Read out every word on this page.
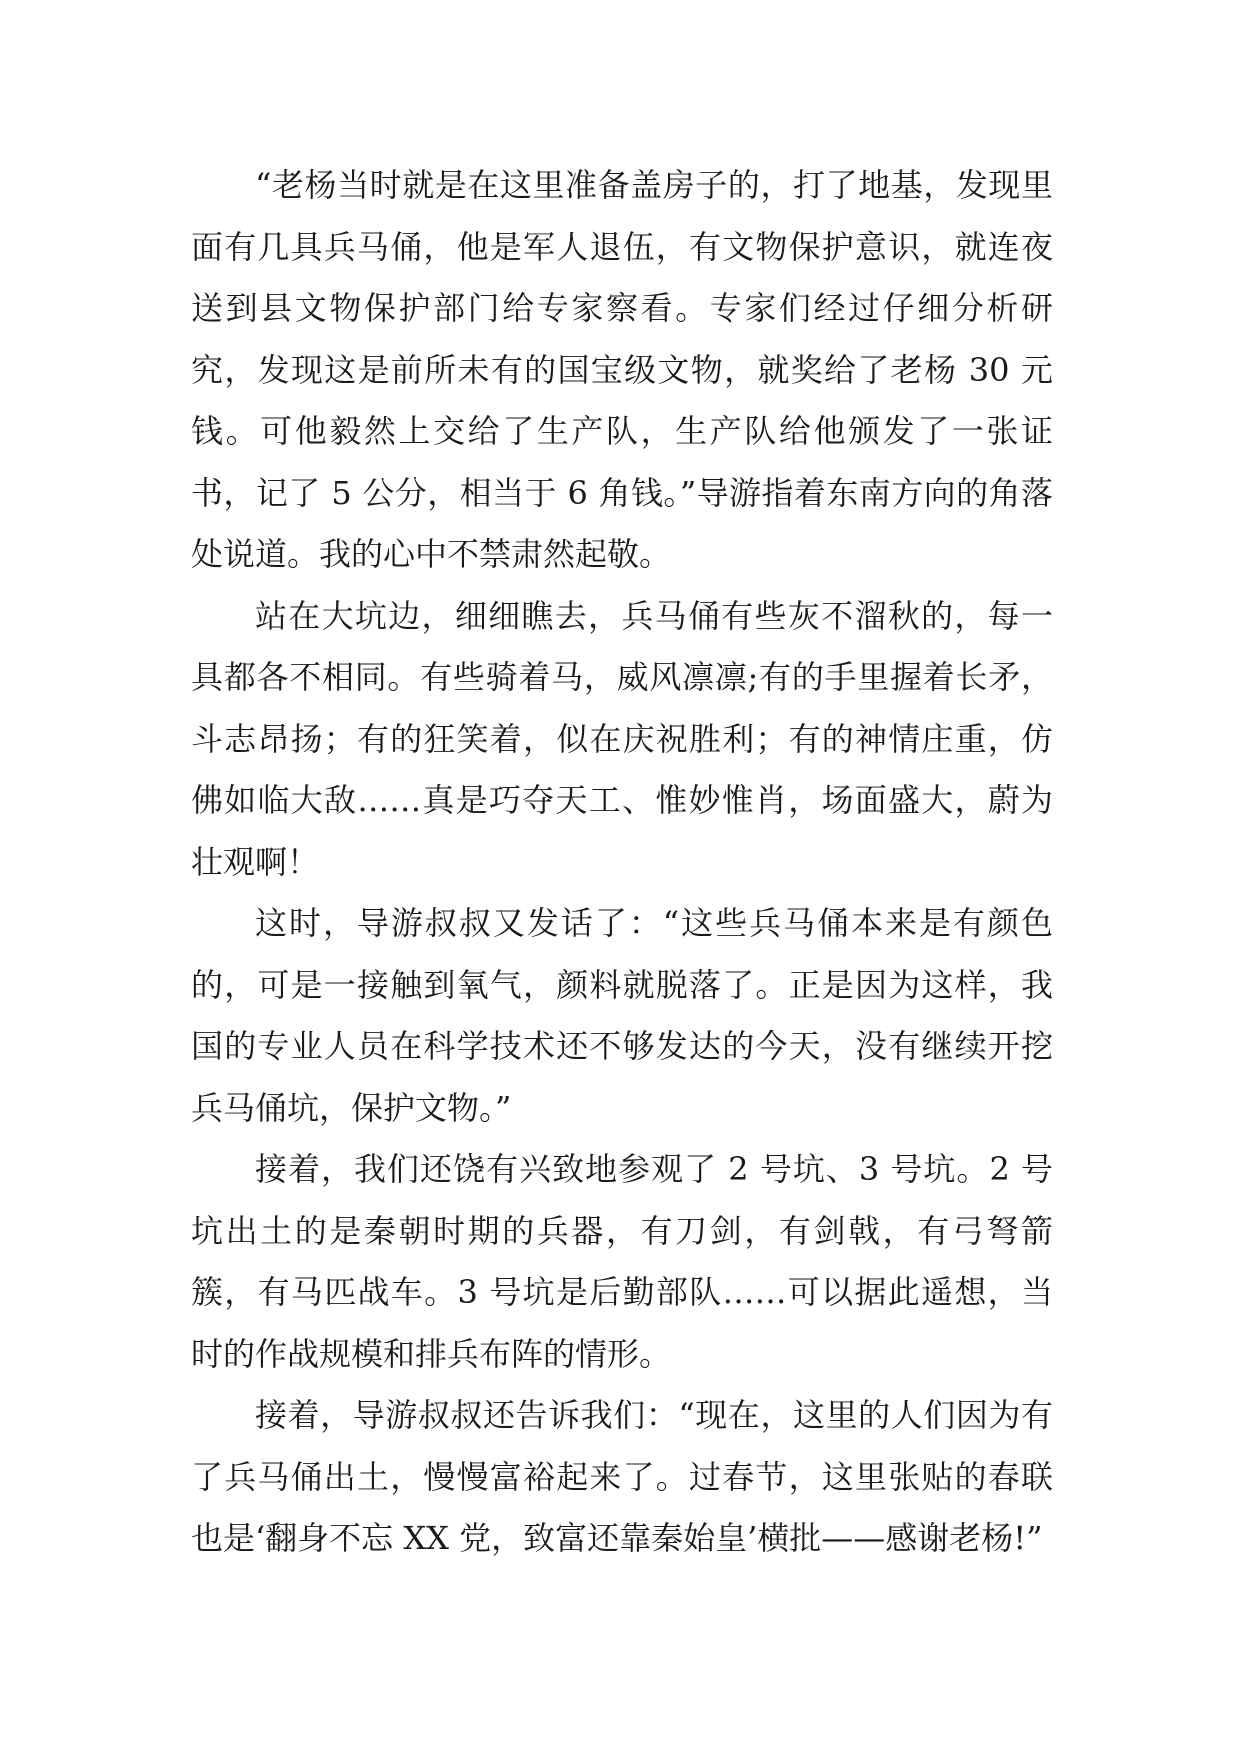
“老杨当时就是在这里准备盖房子的，打了地基，发现里面有几具兵马俑，他是军人退伍，有文物保护意识，就连夜送到县文物保护部门给专家察看。专家们经过仔细分析研究，发现这是前所未有的国宝级文物，就奖给了老杨 30 元钱。可他毅然上交给了生产队，生产队给他颁发了一张证书，记了 5 公分，相当于 6 角钱。”导游指着东南方向的角落处说道。我的心中不禁肃然起敬。

站在大坑边，细细瞧去，兵马俑有些灰不溜秋的，每一具都各不相同。有些骑着马，威风凛凛;有的手里握着长矛，斗志昂扬；有的狂笑着，似在庆祝胜利；有的神情庄重，仿佛如临大敌……真是巧夺天工、惟妙惟肖，场面盛大，蔚为壮观啊！

这时，导游叔叔又发话了：“这些兵马俑本来是有颜色的，可是一接触到氧气，颜料就脱落了。正是因为这样，我国的专业人员在科学技术还不够发达的今天，没有继续开挖兵马俑坑，保护文物。”

接着，我们还饶有兴致地参观了 2 号坑、3 号坑。2 号坑出土的是秦朝时期的兵器，有刀剑，有剑戟，有弓弩箭簇，有马匹战车。3 号坑是后勤部队……可以据此遥想，当时的作战规模和排兵布阵的情形。

接着，导游叔叔还告诉我们：“现在，这里的人们因为有了兵马俑出土，慢慢富裕起来了。过春节，这里张贴的春联也是‘翻身不忘 XX 党，致富还靠秦始皇’横批——感谢老杨!”
